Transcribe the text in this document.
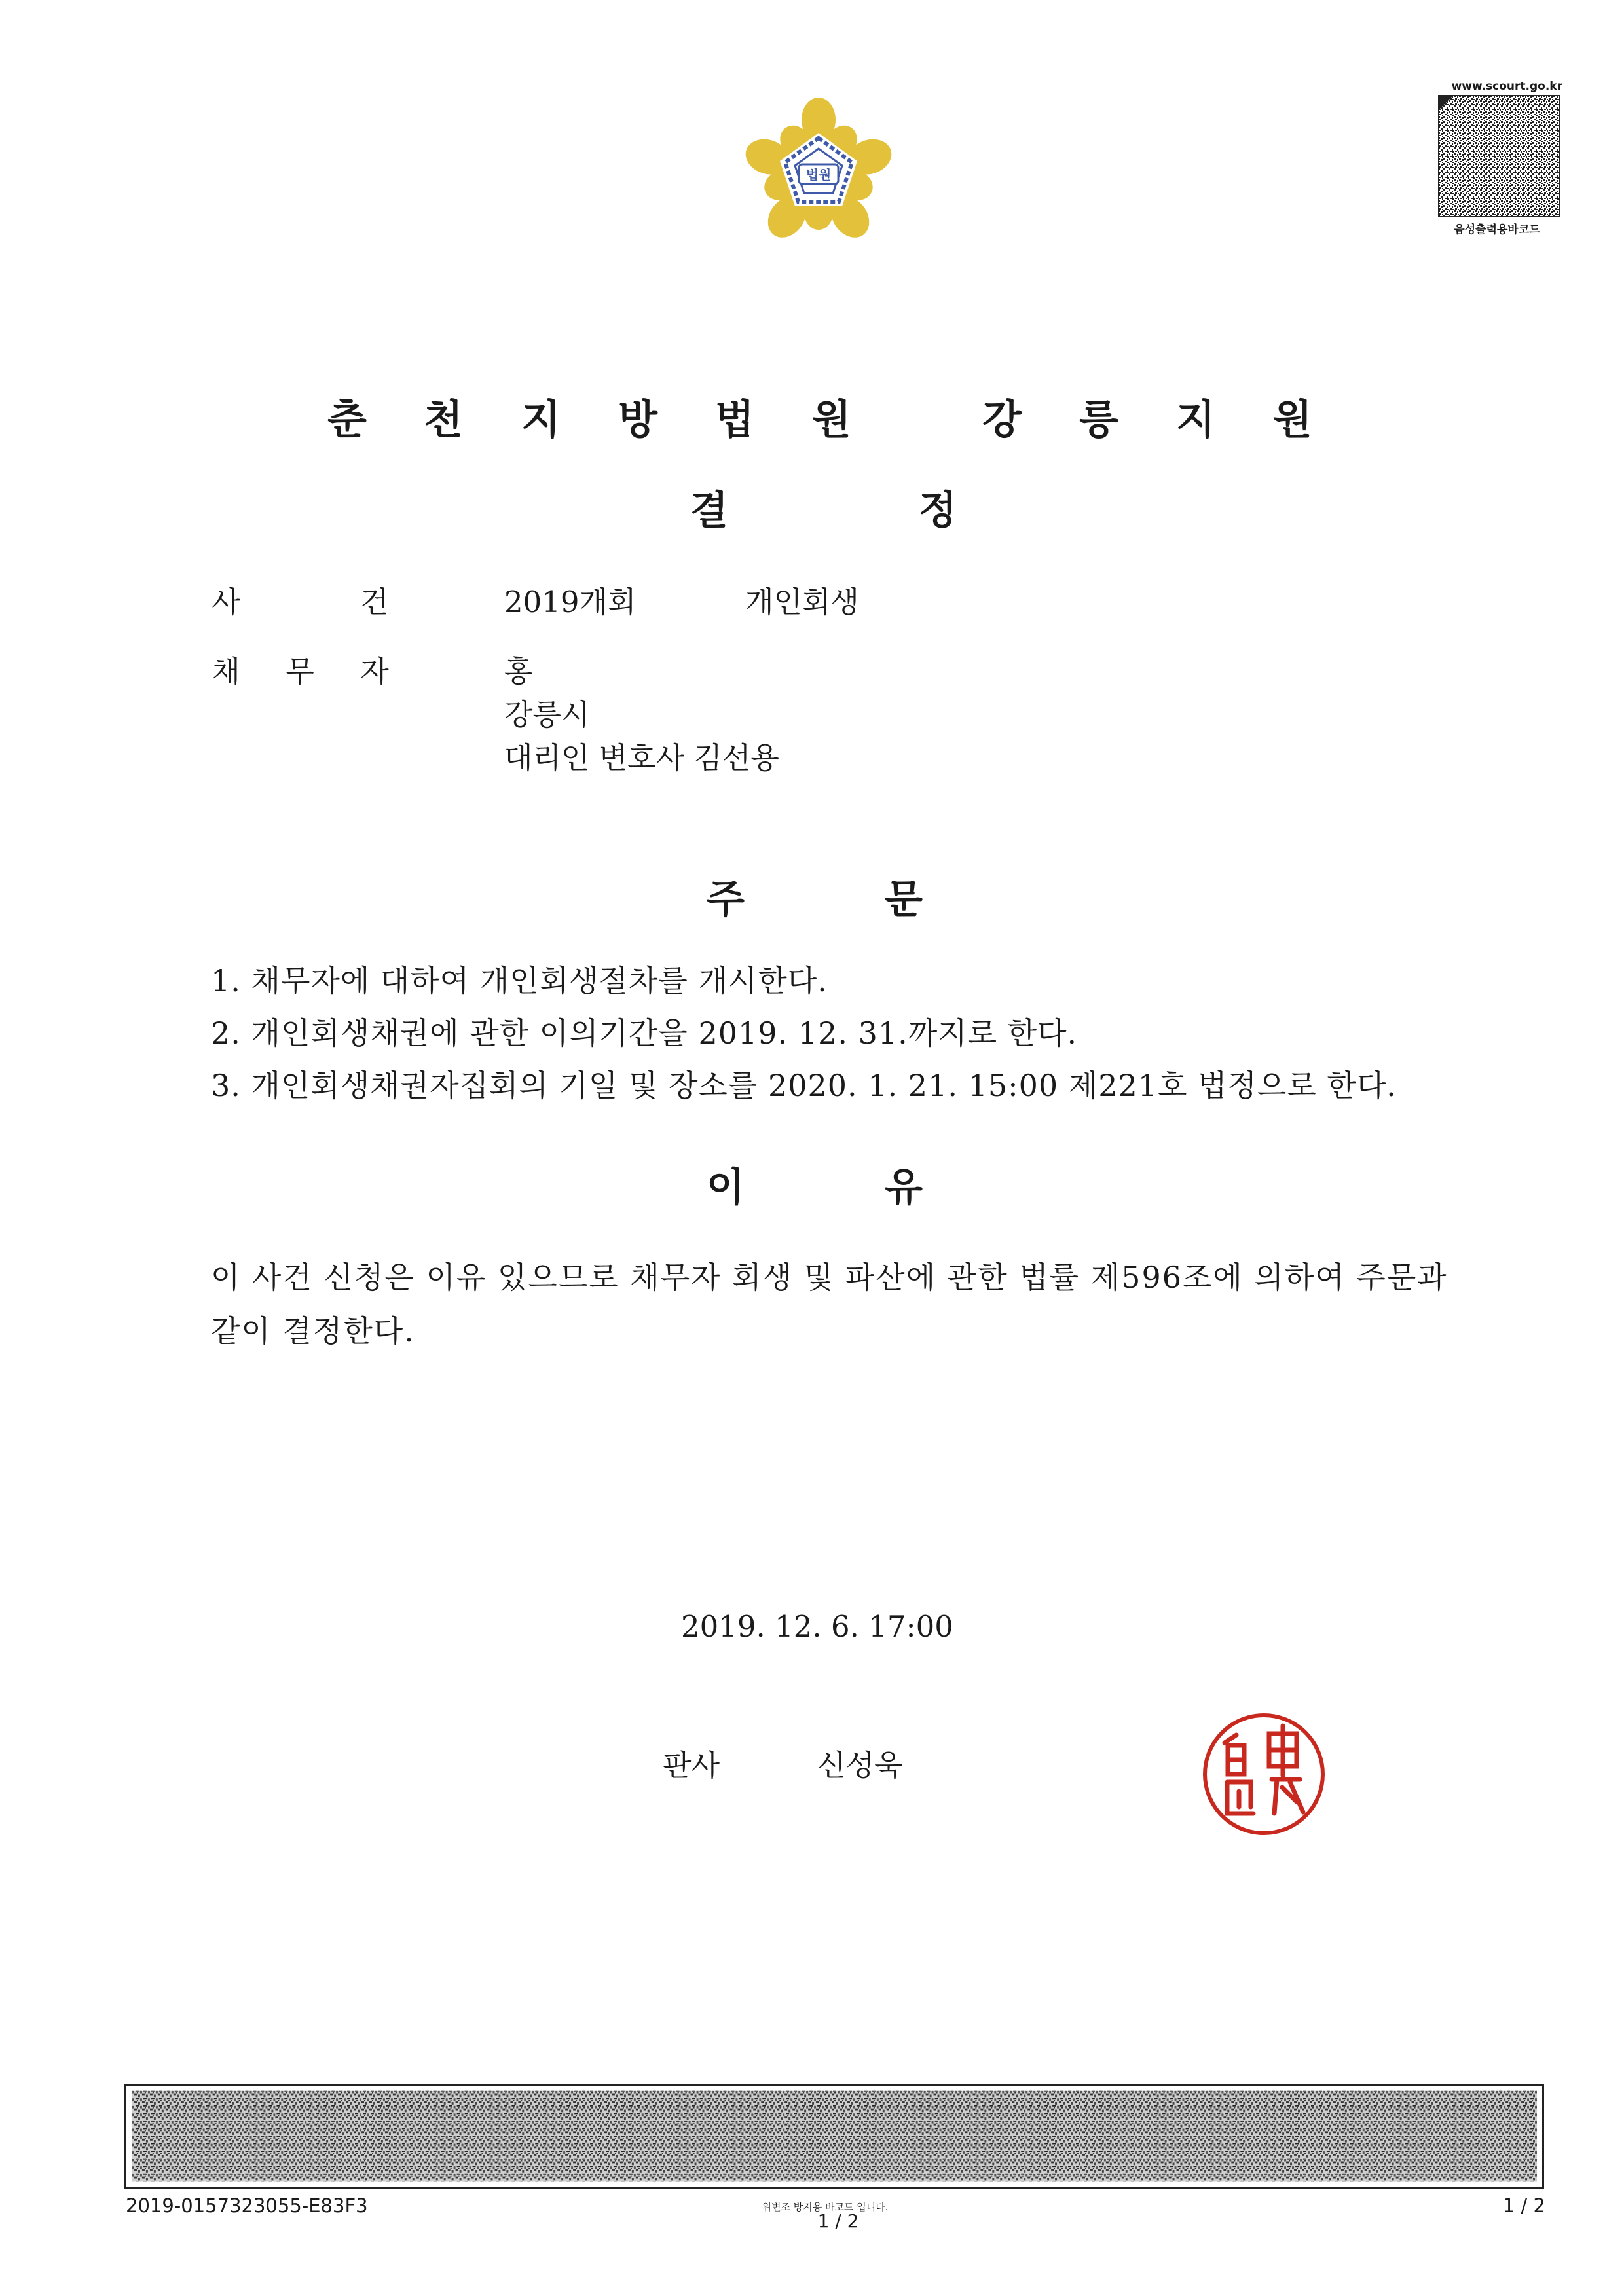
법원
www.scourt.go.kr
음성출력용바코드
춘 천 지 방 법 원	강 릉 지 원
결	정
사	건	2019개회	개인회생
채 무 자	홍
강릉시
대리인 변호사 김선용
주	문
1. 채무자에 대하여 개인회생절차를 개시한다.
2. 개인회생채권에 관한 이의기간을 2019. 12. 31.까지로 한다.
3. 개인회생채권자집회의 기일 및 장소를 2020. 1. 21. 15:00 제221호 법정으로 한다.
이	유
이 사건 신청은 이유 있으므로 채무자 회생 및 파산에 관한 법률 제596조에 의하여 주문과 같이 결정한다.
2019. 12. 6. 17:00
판사	신성욱
2019-0157323055-E83F3	위변조 방지용 바코드 입니다.
1 / 2
1 / 2
